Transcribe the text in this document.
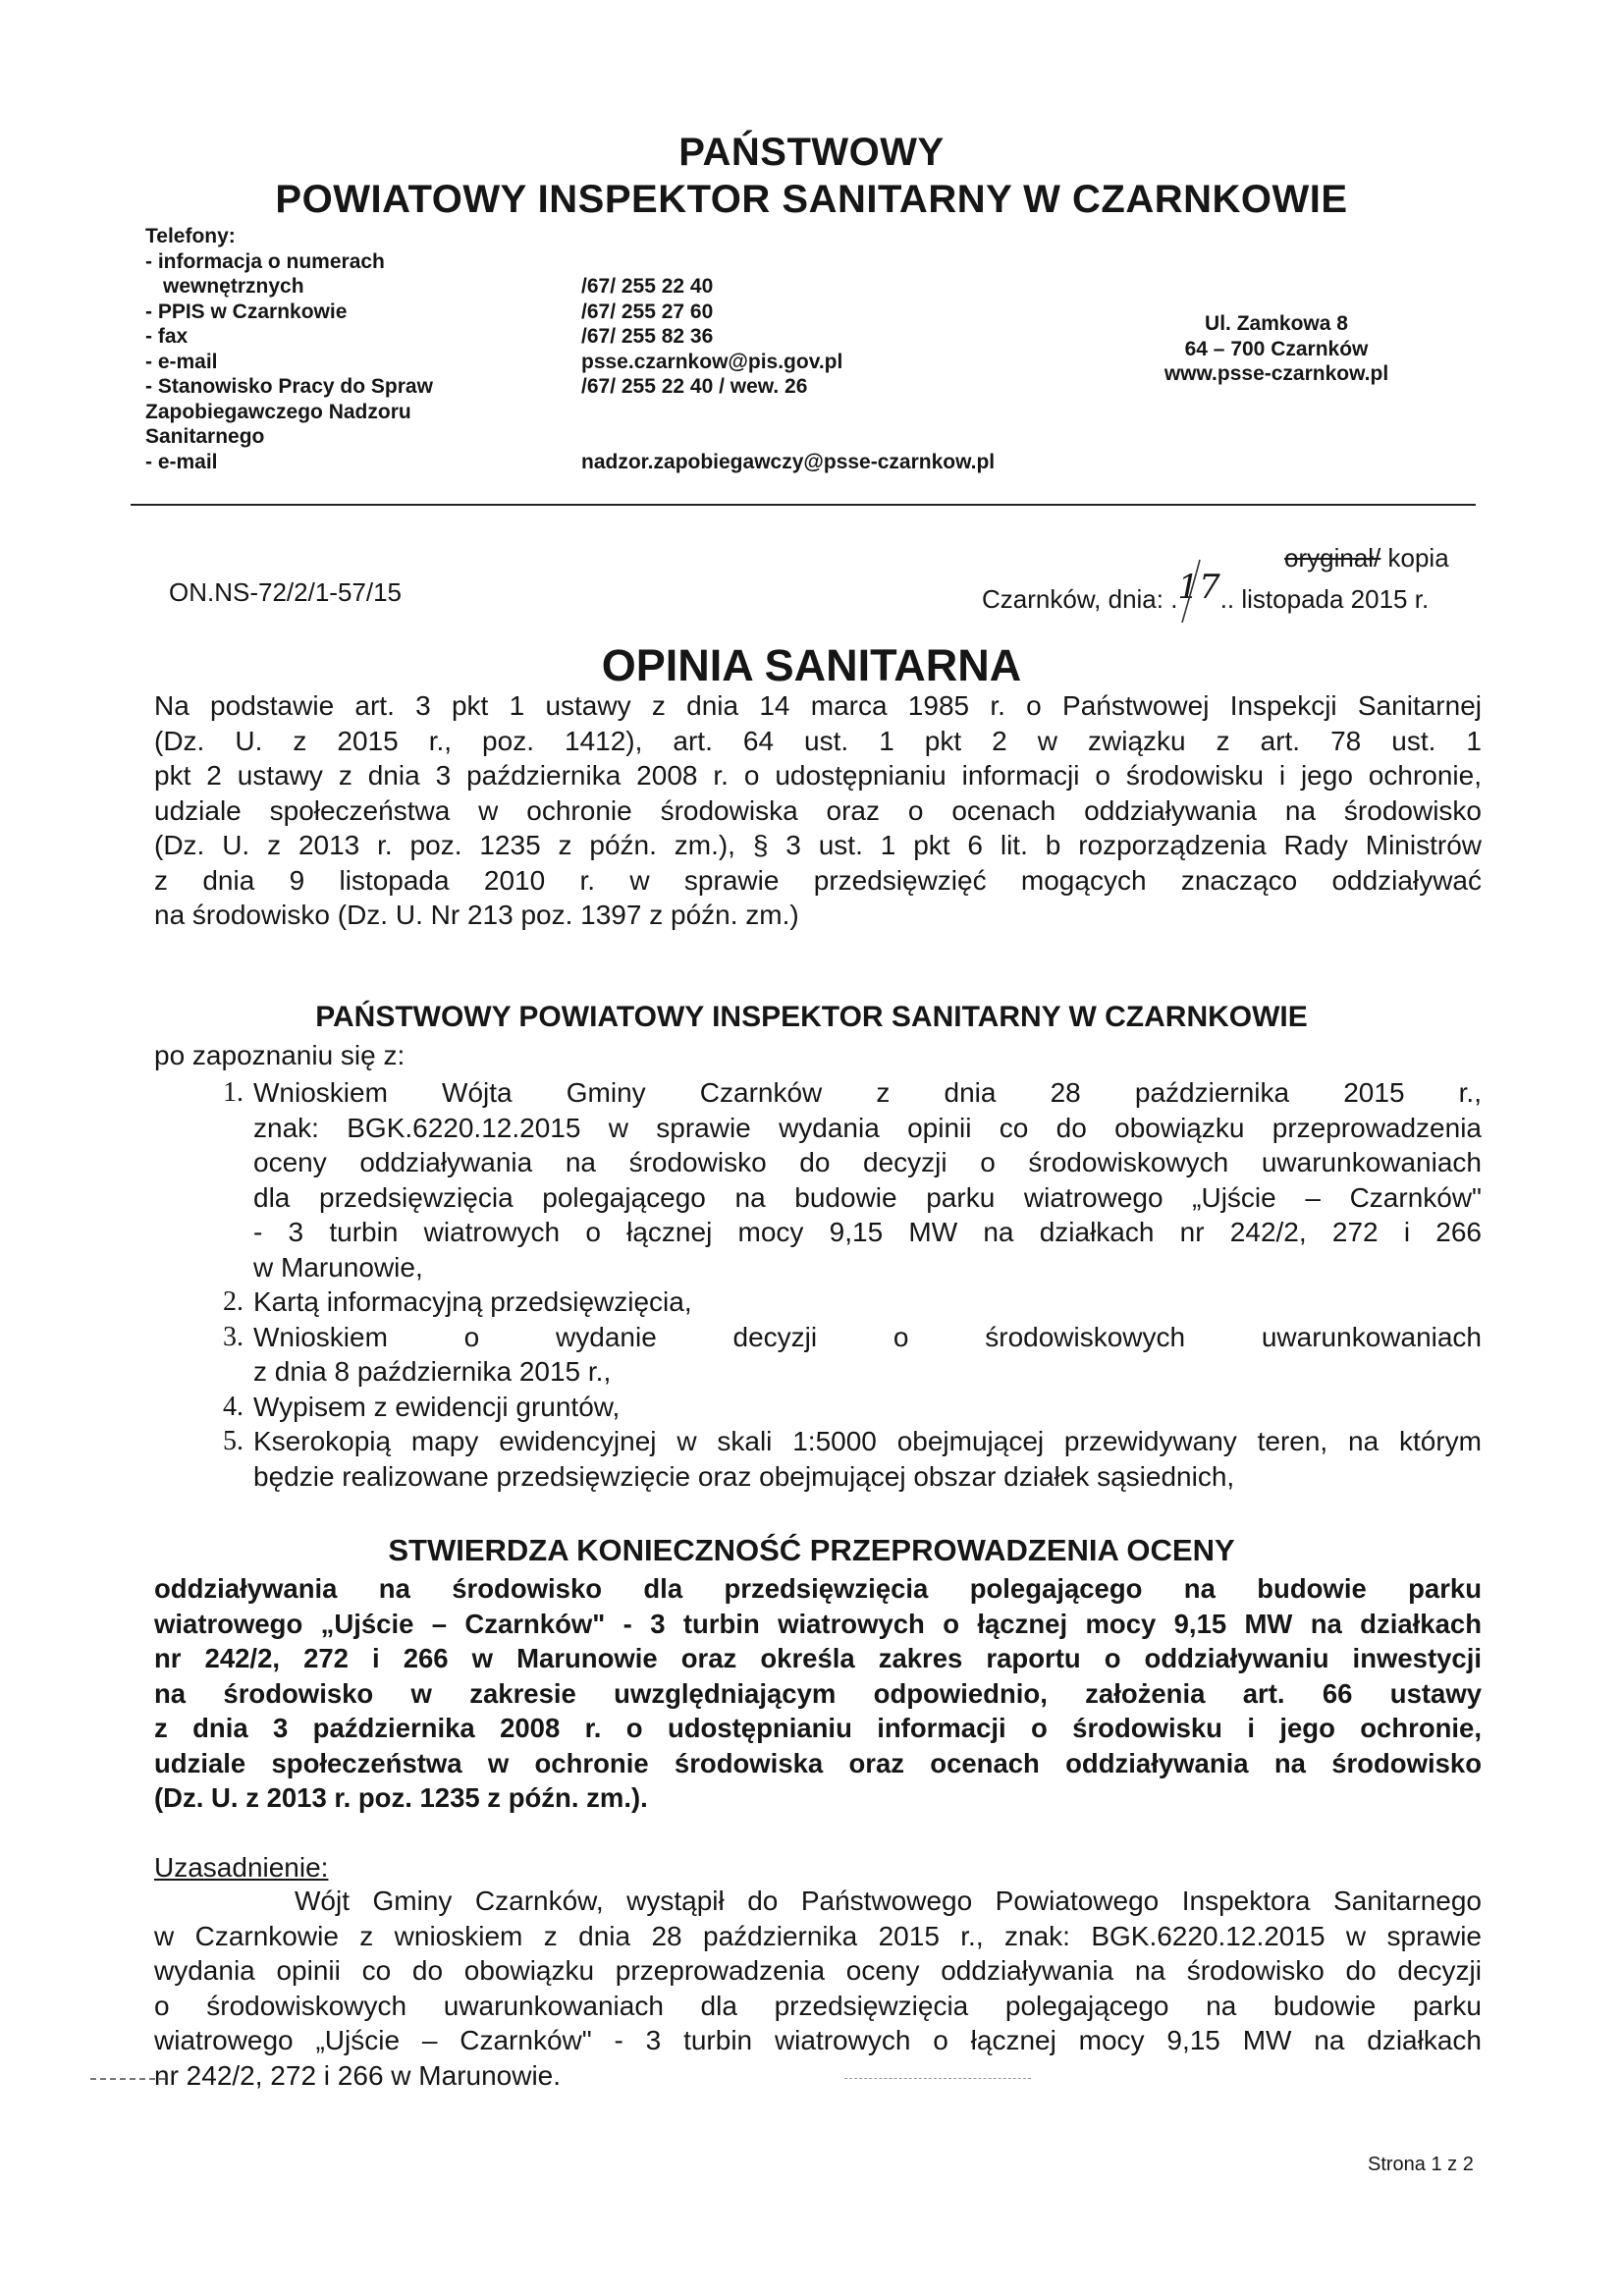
PAŃSTWOWY
POWIATOWY INSPEKTOR SANITARNY W CZARNKOWIE
Telefony:
- informacja o numerach
wewnętrznych
- PPIS w Czarnkowie
- fax
- e-mail
- Stanowisko Pracy do Spraw
Zapobiegawczego Nadzoru
Sanitarnego
- e-mail
/67/ 255 22 40
/67/ 255 27 60
/67/ 255 82 36
psse.czarnkow@pis.gov.pl
/67/ 255 22 40 / wew. 26
nadzor.zapobiegawczy@psse-czarnkow.pl
Ul. Zamkowa 8
64 – 700 Czarnków
www.psse-czarnkow.pl
ON.NS-72/2/1-57/15
oryginał/ kopia
Czarnków, dnia: .17.. listopada 2015 r.
OPINIA SANITARNA
Na podstawie art. 3 pkt 1 ustawy z dnia 14 marca 1985 r. o Państwowej Inspekcji Sanitarnej
(Dz. U. z 2015 r., poz. 1412), art. 64 ust. 1 pkt 2 w związku z art. 78 ust. 1
pkt 2 ustawy z dnia 3 października 2008 r. o udostępnianiu informacji o środowisku i jego ochronie,
udziale społeczeństwa w ochronie środowiska oraz o ocenach oddziaływania na środowisko
(Dz. U. z 2013 r. poz. 1235 z późn. zm.), § 3 ust. 1 pkt 6 lit. b rozporządzenia Rady Ministrów
z dnia 9 listopada 2010 r. w sprawie przedsięwzięć mogących znacząco oddziaływać
na środowisko (Dz. U. Nr 213 poz. 1397 z późn. zm.)
PAŃSTWOWY POWIATOWY INSPEKTOR SANITARNY W CZARNKOWIE
po zapoznaniu się z:
1. Wnioskiem Wójta Gminy Czarnków z dnia 28 października 2015 r.,
znak: BGK.6220.12.2015 w sprawie wydania opinii co do obowiązku przeprowadzenia
oceny oddziaływania na środowisko do decyzji o środowiskowych uwarunkowaniach
dla przedsięwzięcia polegającego na budowie parku wiatrowego „Ujście – Czarnków"
- 3 turbin wiatrowych o łącznej mocy 9,15 MW na działkach nr 242/2, 272 i 266
w Marunowie,
2. Kartą informacyjną przedsięwzięcia,
3. Wnioskiem o wydanie decyzji o środowiskowych uwarunkowaniach
z dnia 8 października 2015 r.,
4. Wypisem z ewidencji gruntów,
5. Kserokopią mapy ewidencyjnej w skali 1:5000 obejmującej przewidywany teren, na którym
będzie realizowane przedsięwzięcie oraz obejmującej obszar działek sąsiednich,
STWIERDZA KONIECZNOŚĆ PRZEPROWADZENIA OCENY
oddziaływania na środowisko dla przedsięwzięcia polegającego na budowie parku
wiatrowego „Ujście – Czarnków" - 3 turbin wiatrowych o łącznej mocy 9,15 MW na działkach
nr 242/2, 272 i 266 w Marunowie oraz określa zakres raportu o oddziaływaniu inwestycji
na środowisko w zakresie uwzględniającym odpowiednio, założenia art. 66 ustawy
z dnia 3 października 2008 r. o udostępnianiu informacji o środowisku i jego ochronie,
udziale społeczeństwa w ochronie środowiska oraz ocenach oddziaływania na środowisko
(Dz. U. z 2013 r. poz. 1235 z późn. zm.).
Uzasadnienie:
Wójt Gminy Czarnków, wystąpił do Państwowego Powiatowego Inspektora Sanitarnego
w Czarnkowie z wnioskiem z dnia 28 października 2015 r., znak: BGK.6220.12.2015 w sprawie
wydania opinii co do obowiązku przeprowadzenia oceny oddziaływania na środowisko do decyzji
o środowiskowych uwarunkowaniach dla przedsięwzięcia polegającego na budowie parku
wiatrowego „Ujście – Czarnków" - 3 turbin wiatrowych o łącznej mocy 9,15 MW na działkach
nr 242/2, 272 i 266 w Marunowie.
Strona 1 z 2
